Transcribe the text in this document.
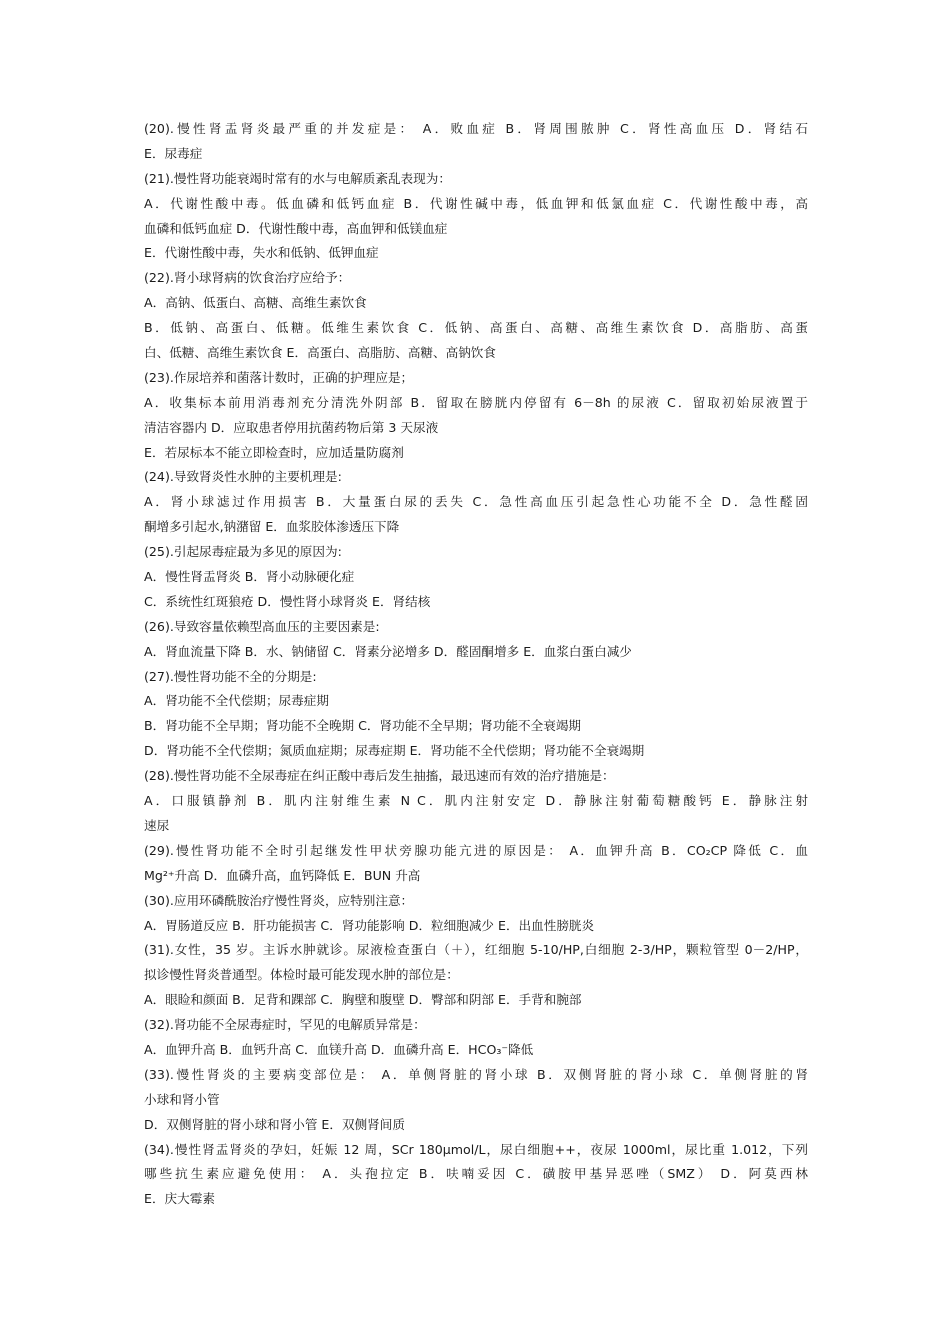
(20).慢性肾盂肾炎最严重的并发症是： A．败血症 B．肾周围脓肿 C．肾性高血压 D．肾结石
E．尿毒症
(21).慢性肾功能衰竭时常有的水与电解质紊乱表现为：
A．代谢性酸中毒。低血磷和低钙血症 B．代谢性碱中毒，低血钾和低氯血症 C．代谢性酸中毒，高
血磷和低钙血症 D．代谢性酸中毒，高血钾和低镁血症
E．代谢性酸中毒，失水和低钠、低钾血症
(22).肾小球肾病的饮食治疗应给予：
A．高钠、低蛋白、高糖、高维生素饮食
B．低钠、高蛋白、低糖。低维生素饮食 C．低钠、高蛋白、高糖、高维生素饮食 D．高脂肪、高蛋
白、低糖、高维生素饮食 E．高蛋白、高脂肪、高糖、高钠饮食
(23).作尿培养和菌落计数时，正确的护理应是；
A．收集标本前用消毒剂充分清洗外阴部 B．留取在膀胱内停留有 6－8h 的尿液 C．留取初始尿液置于
清洁容器内 D．应取患者停用抗菌药物后第 3 天尿液
E．若尿标本不能立即检查时，应加适量防腐剂
(24).导致肾炎性水肿的主要机理是:
A．肾小球滤过作用损害 B．大量蛋白尿的丢失 C．急性高血压引起急性心功能不全 D．急性醛固
酮增多引起水,钠潴留 E．血浆胶体渗透压下降
(25).引起尿毒症最为多见的原因为:
A．慢性肾盂肾炎 B．肾小动脉硬化症
C．系统性红斑狼疮 D．慢性肾小球肾炎 E．肾结核
(26).导致容量依赖型高血压的主要因素是:
A．肾血流量下降 B．水、钠储留 C．肾素分泌增多 D．醛固酮增多 E．血浆白蛋白减少
(27).慢性肾功能不全的分期是:
A．肾功能不全代偿期；尿毒症期
B．肾功能不全早期；肾功能不全晚期 C．肾功能不全早期；肾功能不全衰竭期
D．肾功能不全代偿期；氮质血症期；尿毒症期 E．肾功能不全代偿期；肾功能不全衰竭期
(28).慢性肾功能不全尿毒症在纠正酸中毒后发生抽搐，最迅速而有效的治疗措施是：
A．口服镇静剂 B．肌内注射维生素 N C．肌内注射安定 D．静脉注射葡萄糖酸钙 E．静脉注射
速尿
(29).慢性肾功能不全时引起继发性甲状旁腺功能亢进的原因是： A．血钾升高 B．CO₂CP 降低 C．血
Mg²⁺升高 D．血磷升高，血钙降低 E．BUN 升高
(30).应用环磷酰胺治疗慢性肾炎，应特别注意：
A．胃肠道反应 B．肝功能损害 C．肾功能影响 D．粒细胞减少 E．出血性膀胱炎
(31).女性，35 岁。主诉水肿就诊。尿液检查蛋白（＋），红细胞 5-10/HP,白细胞 2-3/HP，颗粒管型 0－2/HP，
拟诊慢性肾炎普通型。体检时最可能发现水肿的部位是：
A．眼睑和颜面 B．足背和踝部 C．胸壁和腹壁 D．臀部和阴部 E．手背和腕部
(32).肾功能不全尿毒症时，罕见的电解质异常是：
A．血钾升高 B．血钙升高 C．血镁升高 D．血磷升高 E．HCO₃⁻降低
(33).慢性肾炎的主要病变部位是： A．单侧肾脏的肾小球 B．双侧肾脏的肾小球 C．单侧肾脏的肾
小球和肾小管
D．双侧肾脏的肾小球和肾小管 E．双侧肾间质
(34).慢性肾盂肾炎的孕妇，妊娠 12 周，SCr 180μmol/L，尿白细胞++，夜尿 1000ml，尿比重 1.012，下列
哪些抗生素应避免使用： A．头孢拉定 B．呋喃妥因 C．磺胺甲基异恶唑（SMZ） D．阿莫西林
E．庆大霉素
